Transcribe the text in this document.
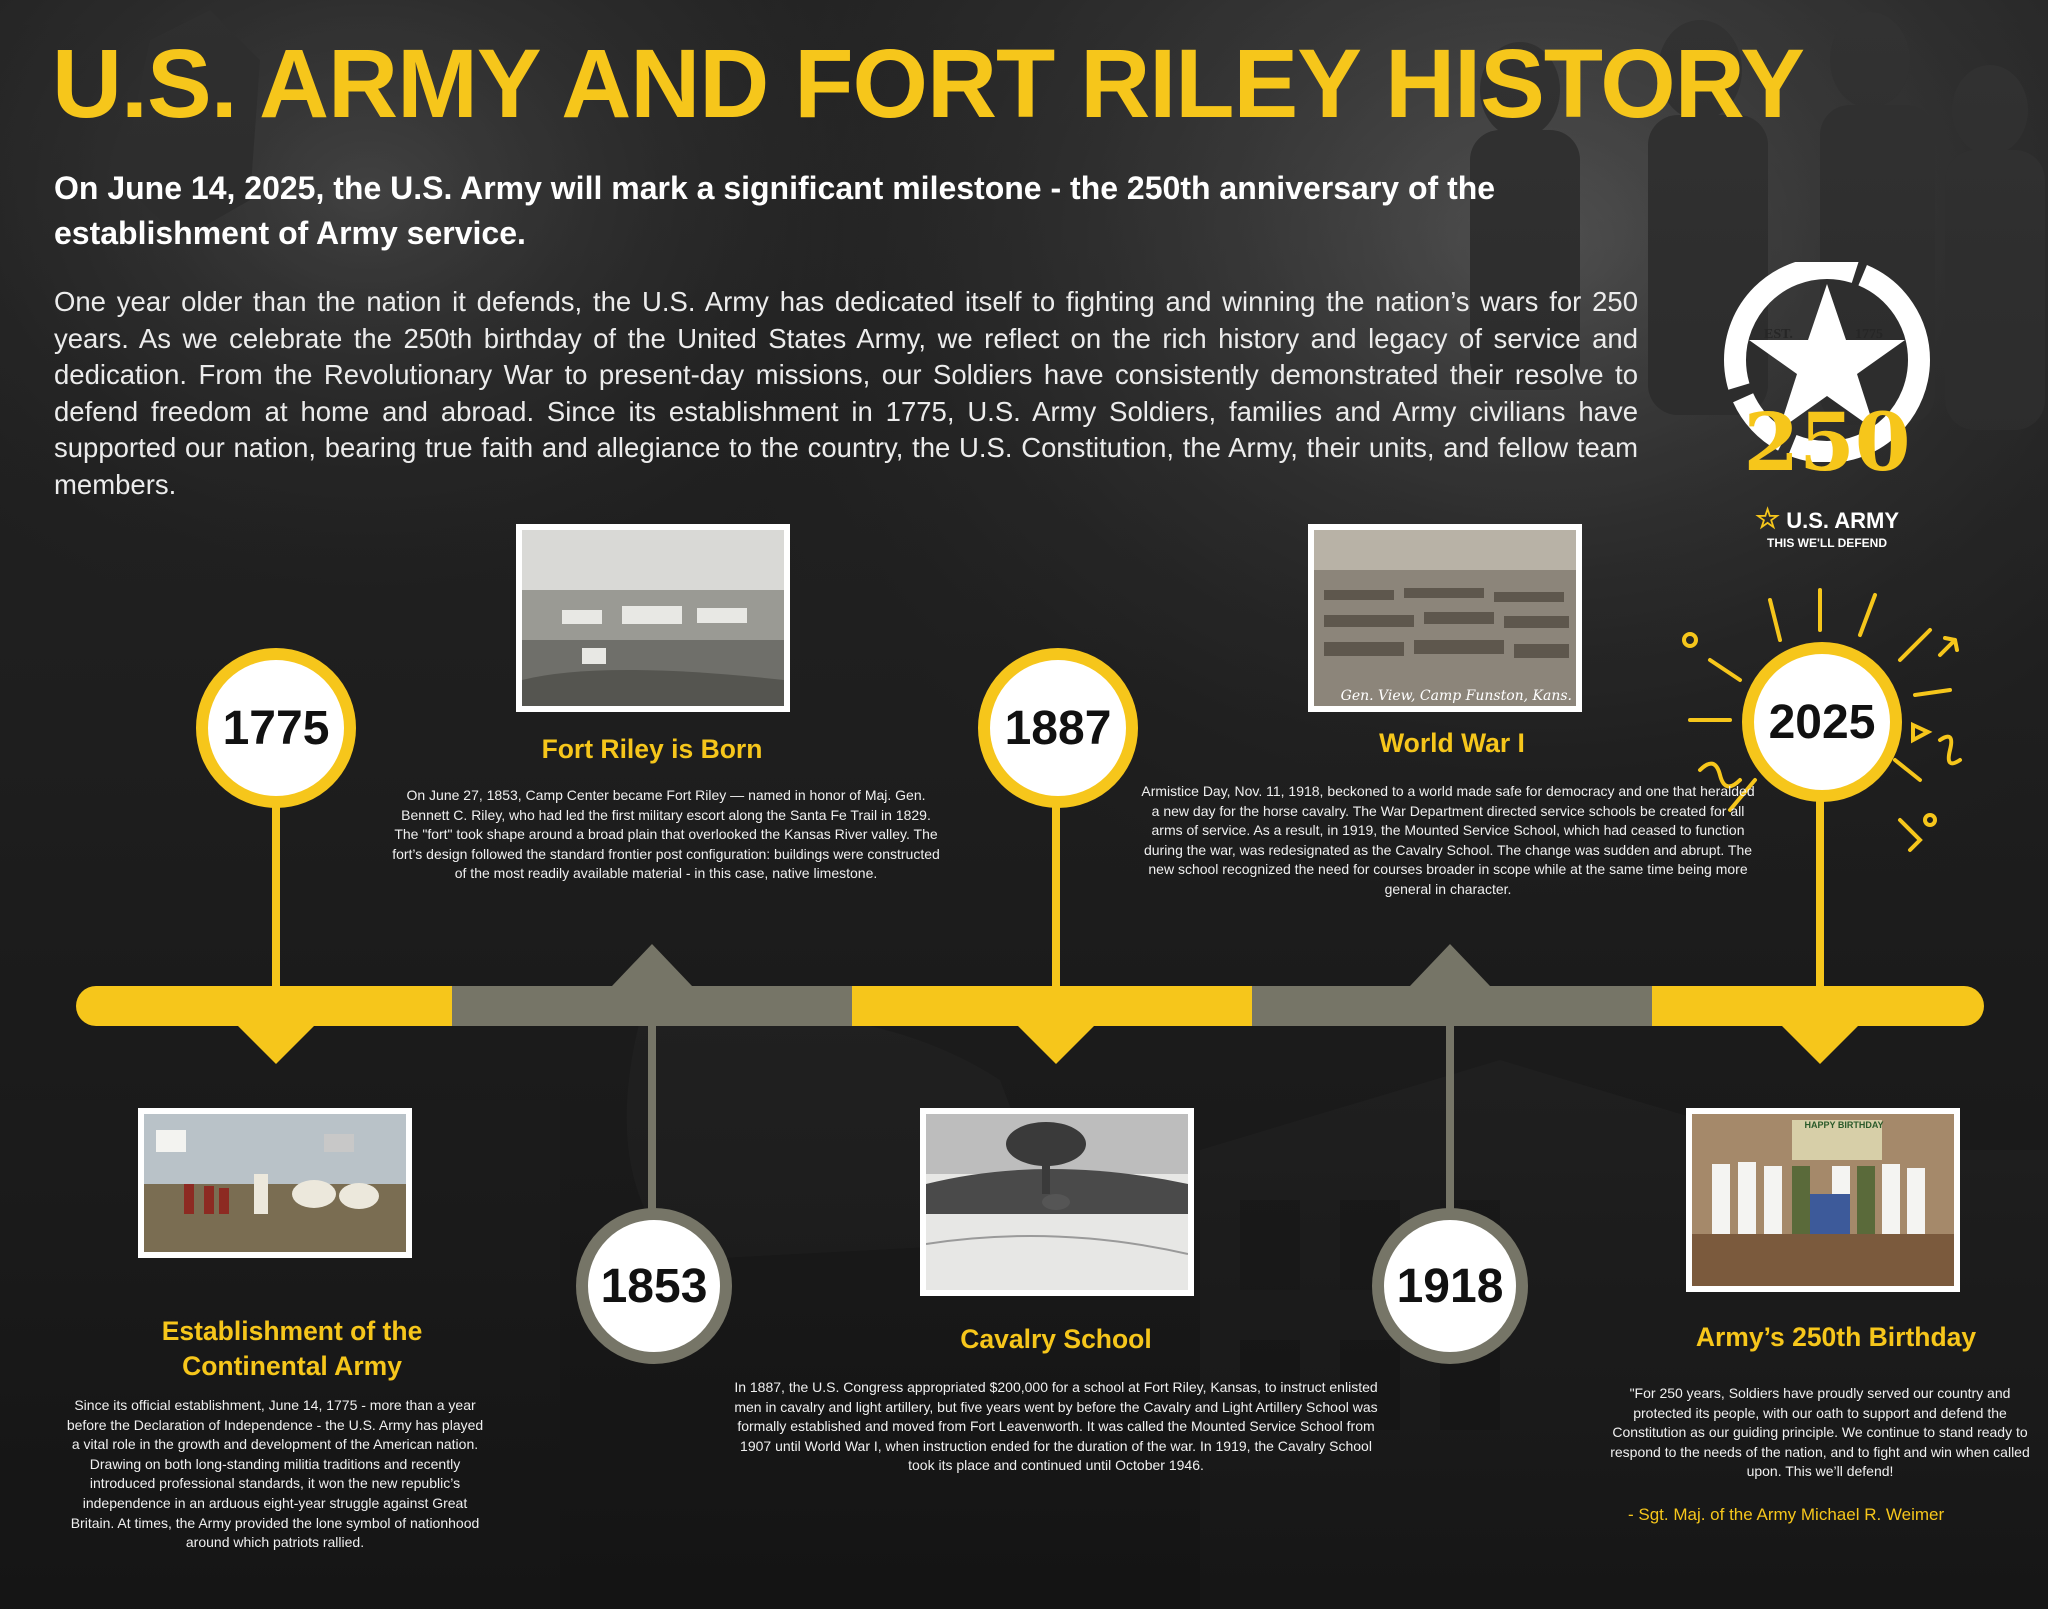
U.S. ARMY AND FORT RILEY HISTORY
On June 14, 2025, the U.S. Army will mark a significant milestone - the 250th anniversary of the establishment of Army service.
One year older than the nation it defends, the U.S. Army has dedicated itself to fighting and winning the nation’s wars for 250 years. As we celebrate the 250th birthday of the United States Army, we reflect on the rich history and legacy of service and dedication. From the Revolutionary War to present-day missions, our Soldiers have consistently demonstrated their resolve to defend freedom at home and abroad. Since its establishment in 1775, U.S. Army Soldiers, families and Army civilians have supported our nation, bearing true faith and allegiance to the country, the U.S. Constitution, the Army, their units, and fellow team members.
EST.	1775
250
☆ U.S. ARMY
THIS WE'LL DEFEND
1775
1853
1887
1918
2025
Gen. View, Camp Funston, Kans.
HAPPY BIRTHDAY
Fort Riley is Born	World War I
Establishment of the
Continental Army
Cavalry School	Army’s 250th Birthday
On June 27, 1853, Camp Center became Fort Riley — named in honor of Maj. Gen. Bennett C. Riley, who had led the first military escort along the Santa Fe Trail in 1829. The "fort" took shape around a broad plain that overlooked the Kansas River valley. The fort’s design followed the standard frontier post configuration: buildings were constructed of the most readily available material - in this case, native limestone.
Armistice Day, Nov. 11, 1918, beckoned to a world made safe for democracy and one that heralded a new day for the horse cavalry. The War Department directed service schools be created for all arms of service. As a result, in 1919, the Mounted Service School, which had ceased to function during the war, was redesignated as the Cavalry School. The change was sudden and abrupt. The new school recognized the need for courses broader in scope while at the same time being more general in character.
Since its official establishment, June 14, 1775 - more than a year before the Declaration of Independence - the U.S. Army has played a vital role in the growth and development of the American nation. Drawing on both long-standing militia traditions and recently introduced professional standards, it won the new republic’s independence in an arduous eight-year struggle against Great Britain. At times, the Army provided the lone symbol of nationhood around which patriots rallied.
In 1887, the U.S. Congress appropriated $200,000 for a school at Fort Riley, Kansas, to instruct enlisted men in cavalry and light artillery, but five years went by before the Cavalry and Light Artillery School was formally established and moved from Fort Leavenworth. It was called the Mounted Service School from 1907 until World War I, when instruction ended for the duration of the war. In 1919, the Cavalry School took its place and continued until October 1946.
"For 250 years, Soldiers have proudly served our country and protected its people, with our oath to support and defend the Constitution as our guiding principle. We continue to stand ready to respond to the needs of the nation, and to fight and win when called upon. This we’ll defend!
- Sgt. Maj. of the Army Michael R. Weimer
